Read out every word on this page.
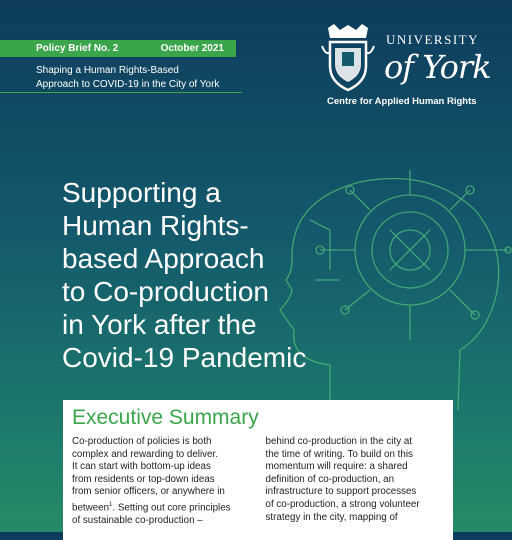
Policy Brief No. 2	October 2021
Shaping a Human Rights-Based
Approach to COVID-19 in the City of York
UNIVERSITY
of York
Centre for Applied Human Rights
Supporting a
Human Rights-
based Approach
to Co-production
in York after the
Covid-19 Pandemic
Executive Summary
Co-production of policies is both
complex and rewarding to deliver.
It can start with bottom-up ideas
from residents or top-down ideas
from senior officers, or anywhere in
between$^1$. Setting out core principles
of sustainable co-production –
behind co-production in the city at
the time of writing. To build on this
momentum will require: a shared
definition of co-production, an
infrastructure to support processes
of co-production, a strong volunteer
strategy in the city, mapping of
